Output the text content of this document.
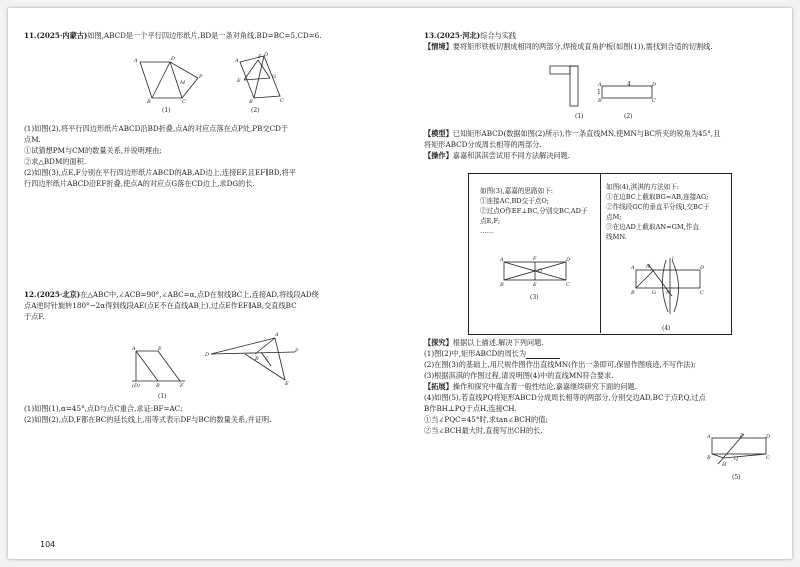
11.(2025·内蒙古)如图,ABCD是一个平行四边形纸片,BD是一条对角线,BD=BC=5,CD=6.

A	D
B	C
P
M
(1)
A
D
B	C
G
E
F
(2)

(1)如图(2),将平行四边形纸片ABCD沿BD折叠,点A的对应点落在点P处,PB交CD于

点M.

①试猜想PM与CM的数量关系,并说明理由;

②求△BDM的面积.

(2)如图(3),点E,F分别在平行四边形纸片ABCD的AB,AD边上,连接EF,且EF∥BD,将平

行四边形纸片ABCD沿EF折叠,使点A的对应点G落在CD边上,求DG的长.

12.(2025·北京)在△ABC中,∠ACB=90°,∠ABC=α,点D在射线BC上,连接AD,将线段AD绕

点A逆时针旋转180°−2α得到线段AE(点E不在直线AB上),过点E作EF∥AB,交直线BC

于点F.

A	E
(D)	B	F
D
A
F
E
B C
(1)

(1)如图(1),α=45°,点D与点C重合,求证:BF=AC;

(2)如图(2),点D,F都在BC的延长线上,用等式表示DF与BC的数量关系,并证明.

104

13.(2025·河北)综合与实践

【情境】要将矩形铁板切割成相同的两部分,焊接成直角护板(如图(1)),需找到合适的切割线.

(1)
A	D
B	C
4
1
(2)

【模型】已知矩形ABCD(数据如图(2)所示),作一条直线MN,使MN与BC所夹的锐角为45°,且

将矩形ABCD分成周长相等的两部分.

【操作】嘉嘉和淇淇尝试用不同方法解决问题.

如图(3),嘉嘉的思路如下:

①连接AC,BD交于点O;

②过点O作EF⊥BC,分别交BC,AD于

点E,F;

……

A	F	D
B	E	C
O
(3)

如图(4),淇淇的方法如下:

①在边BC上截取BG=AB,连接AG;

②作线段GC的垂直平分线l,交BC于

点M;

③在边AD上截取AN=GM,作直

线MN.

A N	D
B	G M	C
l
(4)

【探究】根据以上描述,解决下列问题.

(1)图(2)中,矩形ABCD的周长为

(2)在图(3)的基础上,用尺规作图作出直线MN(作出一条即可,保留作图痕迹,不写作法);

(3)根据淇淇的作图过程,请说明图(4)中的直线MN符合要求.

【拓展】操作和探究中蕴含着一般性结论,嘉嘉继续研究下面的问题.

(4)如图(5),若直线PQ将矩形ABCD分成周长相等的两部分,分别交边AD,BC于点P,Q,过点

B作BH⊥PQ于点H,连接CH.

①当∠PQC=45°时,求tan∠BCH的值;

②当∠BCH最大时,直接写出CH的长.

A	P	D
B	Q	C
H
(5)
